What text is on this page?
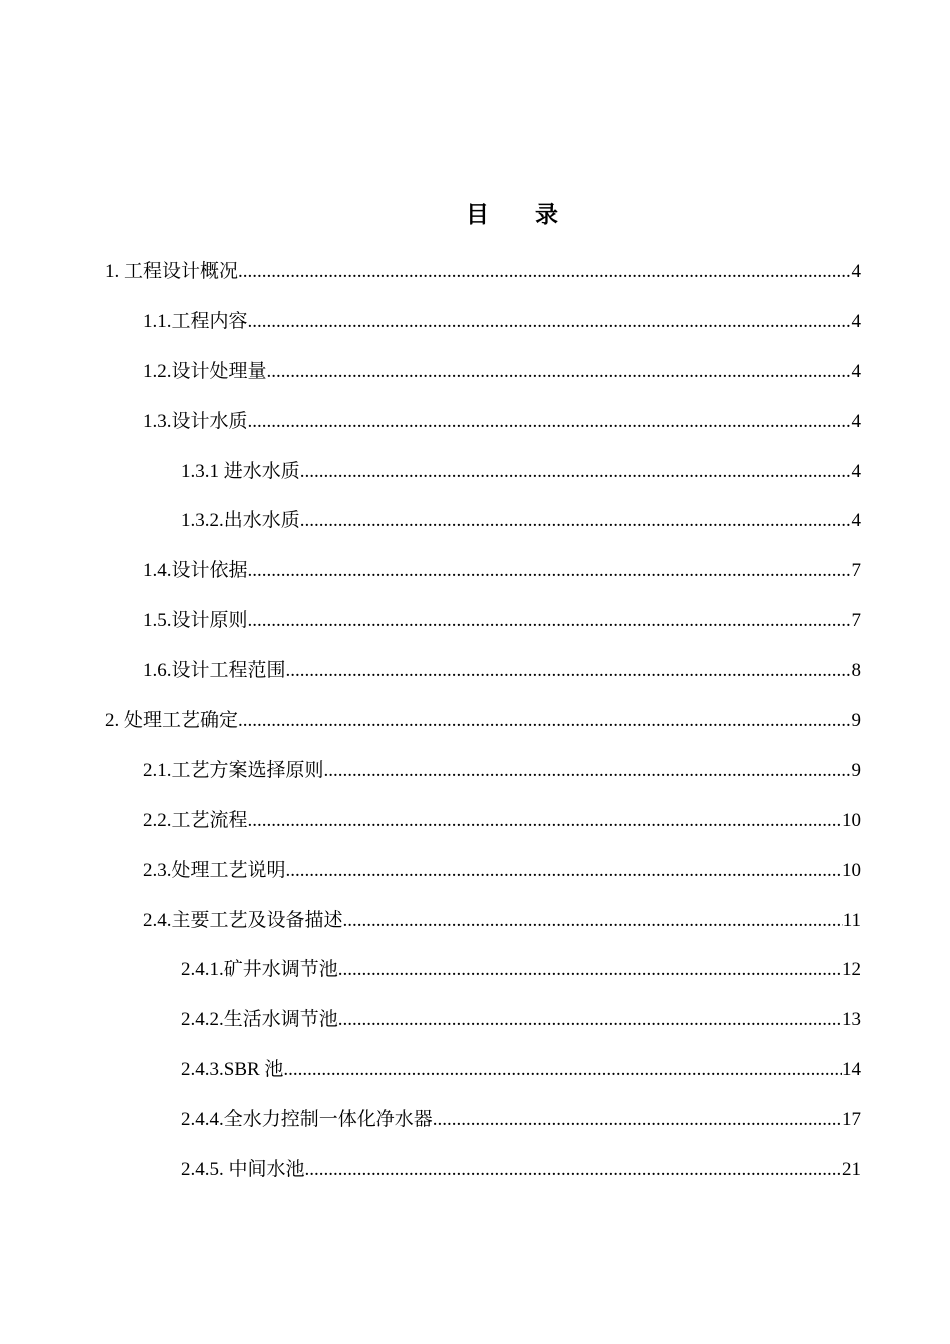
目　　录
1. 工程设计概况 .....	4
1.1.工程内容 .....	4
1.2.设计处理量 .....	4
1.3.设计水质 .....	4
1.3.1 进水水质 .....	4
1.3.2.出水水质 .....	4
1.4.设计依据 .....	7
1.5.设计原则 .....	7
1.6.设计工程范围 .....	8
2. 处理工艺确定 .....	9
2.1.工艺方案选择原则 .....	9
2.2.工艺流程 .....	10
2.3.处理工艺说明 .....	10
2.4.主要工艺及设备描述 .....	11
2.4.1.矿井水调节池 .....	12
2.4.2.生活水调节池 .....	13
2.4.3.SBR 池 .....	14
2.4.4.全水力控制一体化净水器 .....	17
2.4.5. 中间水池 .....	21
